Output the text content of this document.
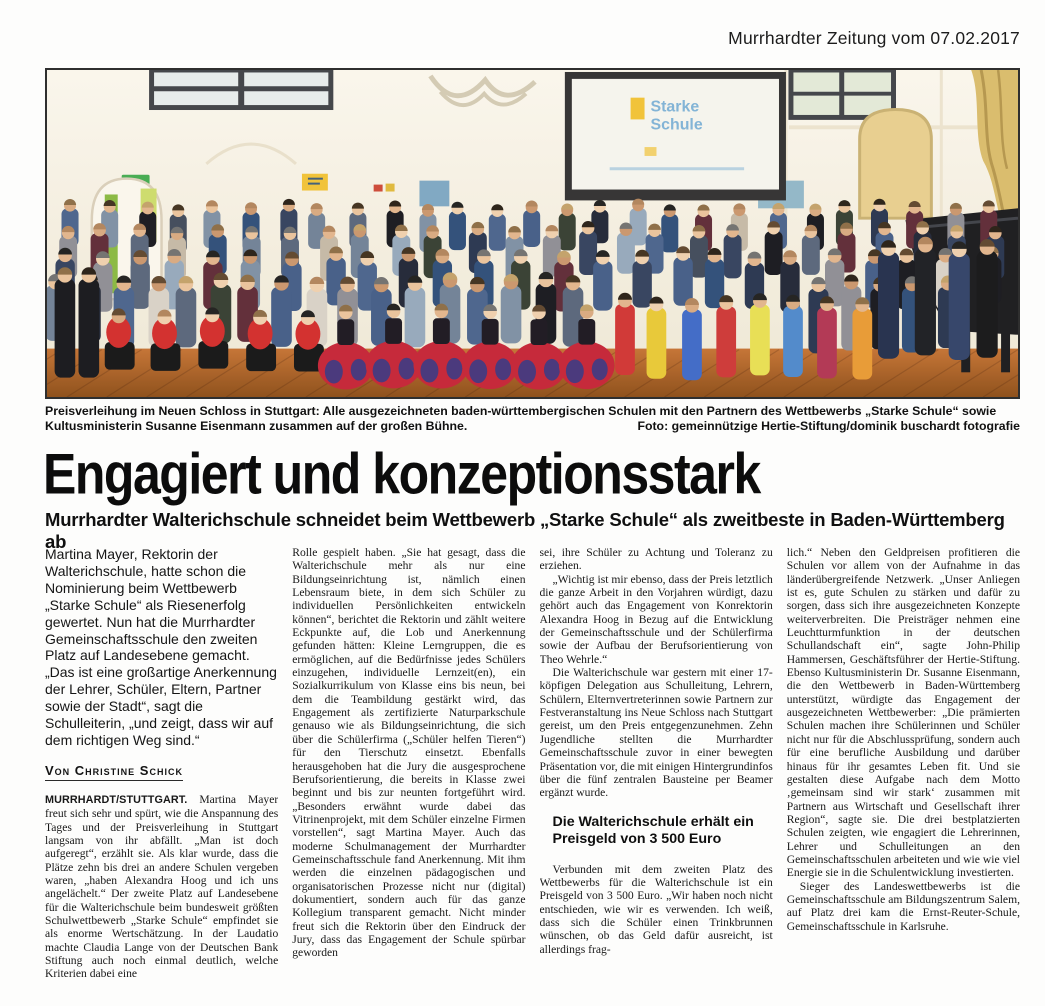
Murrhardter Zeitung vom 07.02.2017
Starke
Schule
Preisverleihung im Neuen Schloss in Stuttgart: Alle ausgezeichneten baden-württembergischen Schulen mit den Partnern des Wettbewerbs „Starke Schule“ sowie Kultusministerin Susanne Eisenmann zusammen auf der großen Bühne.	Foto: gemeinnützige Hertie-Stiftung/dominik buschardt fotografie
Engagiert und konzeptionsstark
Murrhardter Walterichschule schneidet beim Wettbewerb „Starke Schule“ als zweitbeste in Baden-Württemberg ab

Martina Mayer, Rektorin der Walterichschule, hatte schon die Nominierung beim Wettbewerb „Starke Schule“ als Riesenerfolg gewertet. Nun hat die Murrhardter Gemeinschaftsschule den zweiten Platz auf Landesebene gemacht. „Das ist eine großartige Anerkennung der Lehrer, Schüler, Eltern, Partner sowie der Stadt“, sagt die Schulleiterin, „und zeigt, dass wir auf dem richtigen Weg sind.“

Von Christine Schick

MURRHARDT/STUTTGART. Martina Mayer freut sich sehr und spürt, wie die Anspannung des Tages und der Preisverleihung in Stuttgart langsam von ihr abfällt. „Man ist doch aufgeregt“, erzählt sie. Als klar wurde, dass die Plätze zehn bis drei an andere Schulen vergeben waren, „haben Alexandra Hoog und ich uns angelächelt.“ Der zweite Platz auf Landesebene für die Walterichschule beim bundesweit größten Schulwettbewerb „Starke Schule“ empfindet sie als enorme Wertschätzung. In der Laudatio machte Claudia Lange von der Deutschen Bank Stiftung auch noch einmal deutlich, welche Kriterien dabei eine

Rolle gespielt haben. „Sie hat gesagt, dass die Walterichschule mehr als nur eine Bildungseinrichtung ist, nämlich einen Lebensraum biete, in dem sich Schüler zu individuellen Persönlichkeiten entwickeln können“, berichtet die Rektorin und zählt weitere Eckpunkte auf, die Lob und Anerkennung gefunden hätten: Kleine Lerngruppen, die es ermöglichen, auf die Bedürfnisse jedes Schülers einzugehen, individuelle Lernzeit(en), ein Sozialkurrikulum von Klasse eins bis neun, bei dem die Teambildung gestärkt wird, das Engagement als zertifizierte Naturparkschule genauso wie als Bildungseinrichtung, die sich über die Schülerfirma („Schüler helfen Tieren“) für den Tierschutz einsetzt. Ebenfalls herausgehoben hat die Jury die ausgesprochene Berufsorientierung, die bereits in Klasse zwei beginnt und bis zur neunten fortgeführt wird. „Besonders erwähnt wurde dabei das Vitrinenprojekt, mit dem Schüler einzelne Firmen vorstellen“, sagt Martina Mayer. Auch das moderne Schulmanagement der Murrhardter Gemeinschaftsschule fand Anerkennung. Mit ihm werden die einzelnen pädagogischen und organisatorischen Prozesse nicht nur (digital) dokumentiert, sondern auch für das ganze Kollegium transparent gemacht. Nicht minder freut sich die Rektorin über den Eindruck der Jury, dass das Engagement der Schule spürbar geworden

sei, ihre Schüler zu Achtung und Toleranz zu erziehen.

„Wichtig ist mir ebenso, dass der Preis letztlich die ganze Arbeit in den Vorjahren würdigt, dazu gehört auch das Engagement von Konrektorin Alexandra Hoog in Bezug auf die Entwicklung der Gemeinschaftsschule und der Schülerfirma sowie der Aufbau der Berufsorientierung von Theo Wehrle.“

Die Walterichschule war gestern mit einer 17-köpfigen Delegation aus Schulleitung, Lehrern, Schülern, Elternvertreterinnen sowie Partnern zur Festveranstaltung ins Neue Schloss nach Stuttgart gereist, um den Preis entgegenzunehmen. Zehn Jugendliche stellten die Murrhardter Gemeinschaftsschule zuvor in einer bewegten Präsentation vor, die mit einigen Hintergrundinfos über die fünf zentralen Bausteine per Beamer ergänzt wurde.

Die Walterichschule erhält ein Preisgeld von 3 500 Euro

Verbunden mit dem zweiten Platz des Wettbewerbs für die Walterichschule ist ein Preisgeld von 3 500 Euro. „Wir haben noch nicht entschieden, wie wir es verwenden. Ich weiß, dass sich die Schüler einen Trinkbrunnen wünschen, ob das Geld dafür ausreicht, ist allerdings frag-

lich.“ Neben den Geldpreisen profitieren die Schulen vor allem von der Aufnahme in das länderübergreifende Netzwerk. „Unser Anliegen ist es, gute Schulen zu stärken und dafür zu sorgen, dass sich ihre ausgezeichneten Konzepte weiterverbreiten. Die Preisträger nehmen eine Leuchtturmfunktion in der deutschen Schullandschaft ein“, sagte John-Philip Hammersen, Geschäftsführer der Hertie-Stiftung. Ebenso Kultusministerin Dr. Susanne Eisenmann, die den Wettbewerb in Baden-Württemberg unterstützt, würdigte das Engagement der ausgezeichneten Wettbewerber: „Die prämierten Schulen machen ihre Schülerinnen und Schüler nicht nur für die Abschlussprüfung, sondern auch für eine berufliche Ausbildung und darüber hinaus für ihr gesamtes Leben fit. Und sie gestalten diese Aufgabe nach dem Motto ‚gemeinsam sind wir stark‘ zusammen mit Partnern aus Wirtschaft und Gesellschaft ihrer Region“, sagte sie. Die drei bestplatzierten Schulen zeigten, wie engagiert die Lehrerinnen, Lehrer und Schulleitungen an den Gemeinschaftsschulen arbeiteten und wie wie viel Energie sie in die Schulentwicklung investierten.

Sieger des Landeswettbewerbs ist die Gemeinschaftsschule am Bildungszentrum Salem, auf Platz drei kam die Ernst-Reuter-Schule, Gemeinschaftsschule in Karlsruhe.
